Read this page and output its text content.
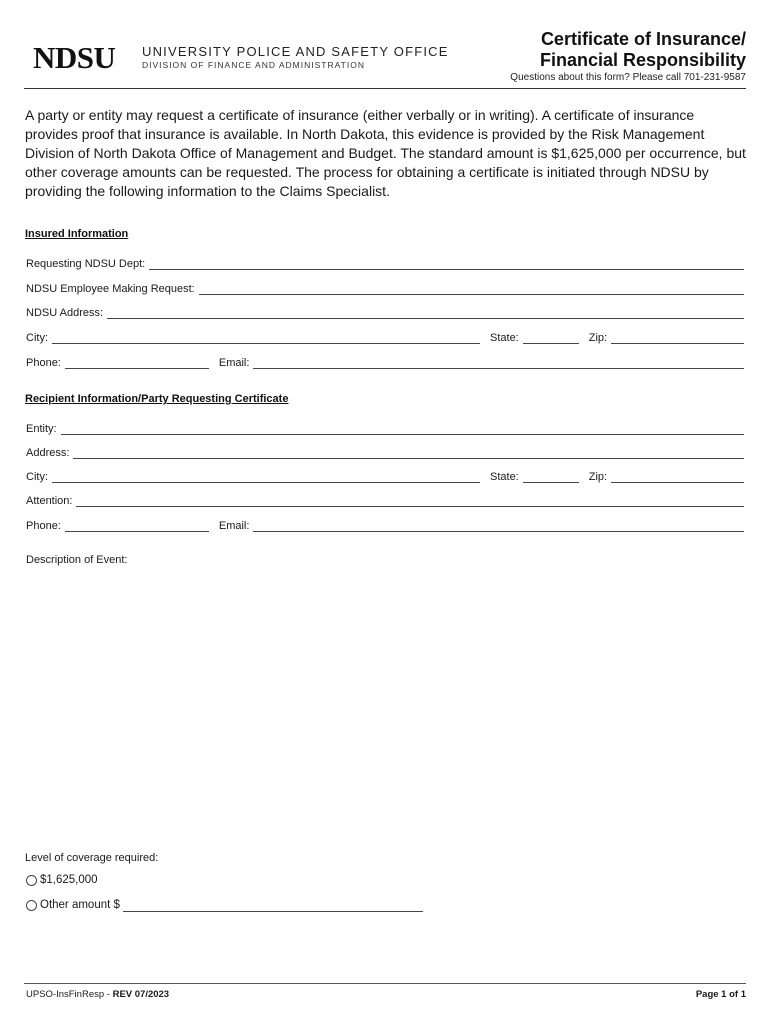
NDSU UNIVERSITY POLICE AND SAFETY OFFICE
DIVISION OF FINANCE AND ADMINISTRATION
Certificate of Insurance/
Financial Responsibility
Questions about this form? Please call 701-231-9587
A party or entity may request a certificate of insurance (either verbally or in writing). A certificate of insurance provides proof that insurance is available. In North Dakota, this evidence is provided by the Risk Management Division of North Dakota Office of Management and Budget. The standard amount is $1,625,000 per occurrence, but other coverage amounts can be requested. The process for obtaining a certificate is initiated through NDSU by providing the following information to the Claims Specialist.
Insured Information
Requesting NDSU Dept:
NDSU Employee Making Request:
NDSU Address:
City:	State:	Zip:
Phone:	Email:
Recipient Information/Party Requesting Certificate
Entity:
Address:
City:	State:	Zip:
Attention:
Phone:	Email:
Description of Event:
Level of coverage required:
$1,625,000
Other amount $
UPSO-InsFinResp - REV 07/2023	Page 1 of 1
